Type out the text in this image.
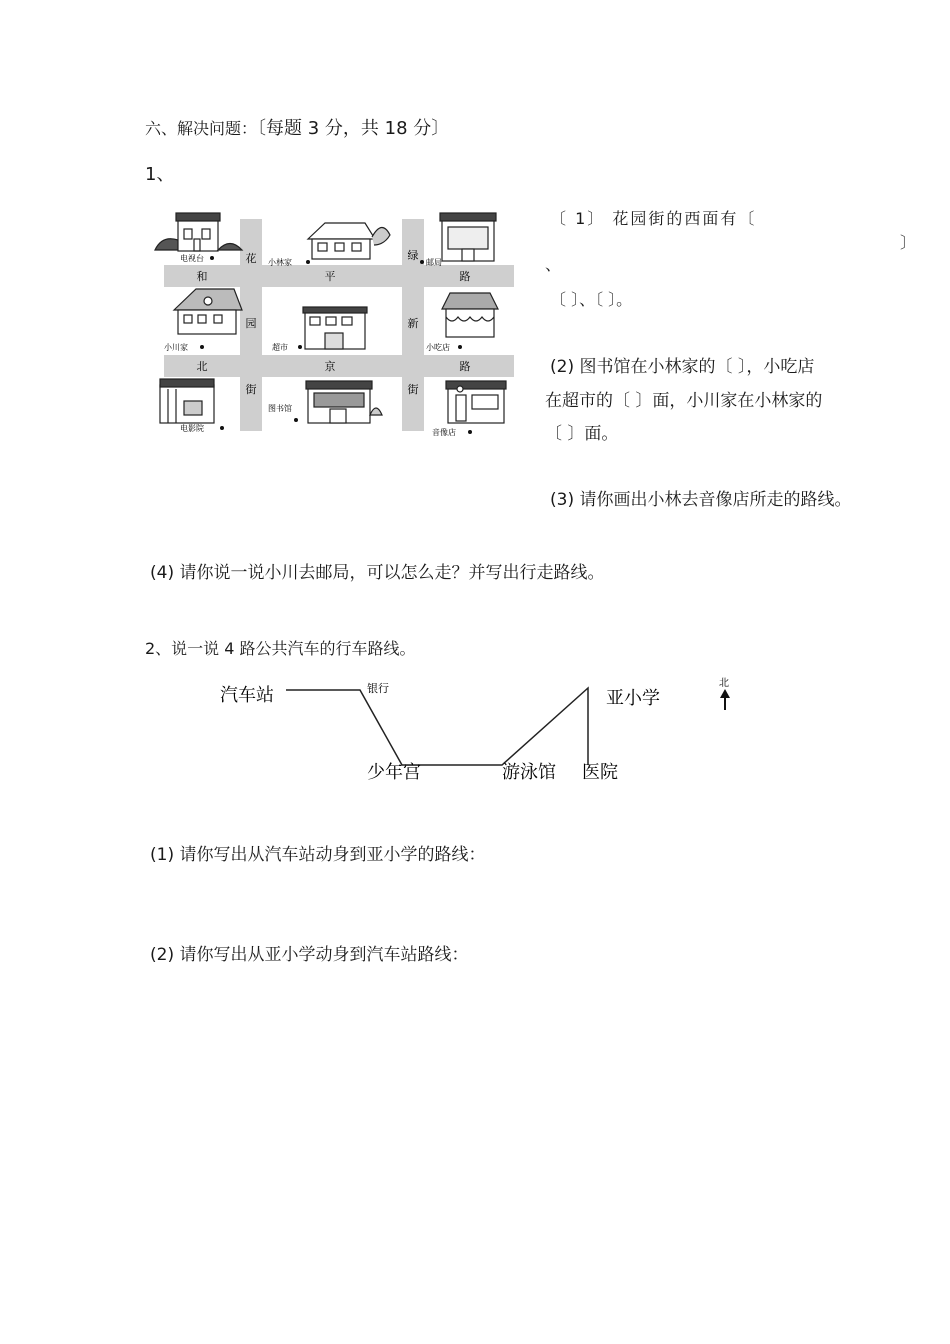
六、解决问题：〔每题 3 分，共 18 分〕
1、
花
园
街
绿
新
街
和	平	路
北	京	路
电视台	小林家	邮局
小川家	超市	小吃店
电影院
图书馆
音像店
〔 1〕 花园街的西面有〔
〕
、
〔 〕、〔 〕。
(2) 图书馆在小林家的〔 〕，小吃店
在超市的〔 〕面，小川家在小林家的
〔 〕面。
(3) 请你画出小林去音像店所走的路线。
(4) 请你说一说小川去邮局，可以怎么走？并写出行走路线。
2、说一说 4 路公共汽车的行车路线。
汽车站	银行
少年宫	游泳馆 医院
亚小学
北
(1) 请你写出从汽车站动身到亚小学的路线：
(2) 请你写出从亚小学动身到汽车站路线：
